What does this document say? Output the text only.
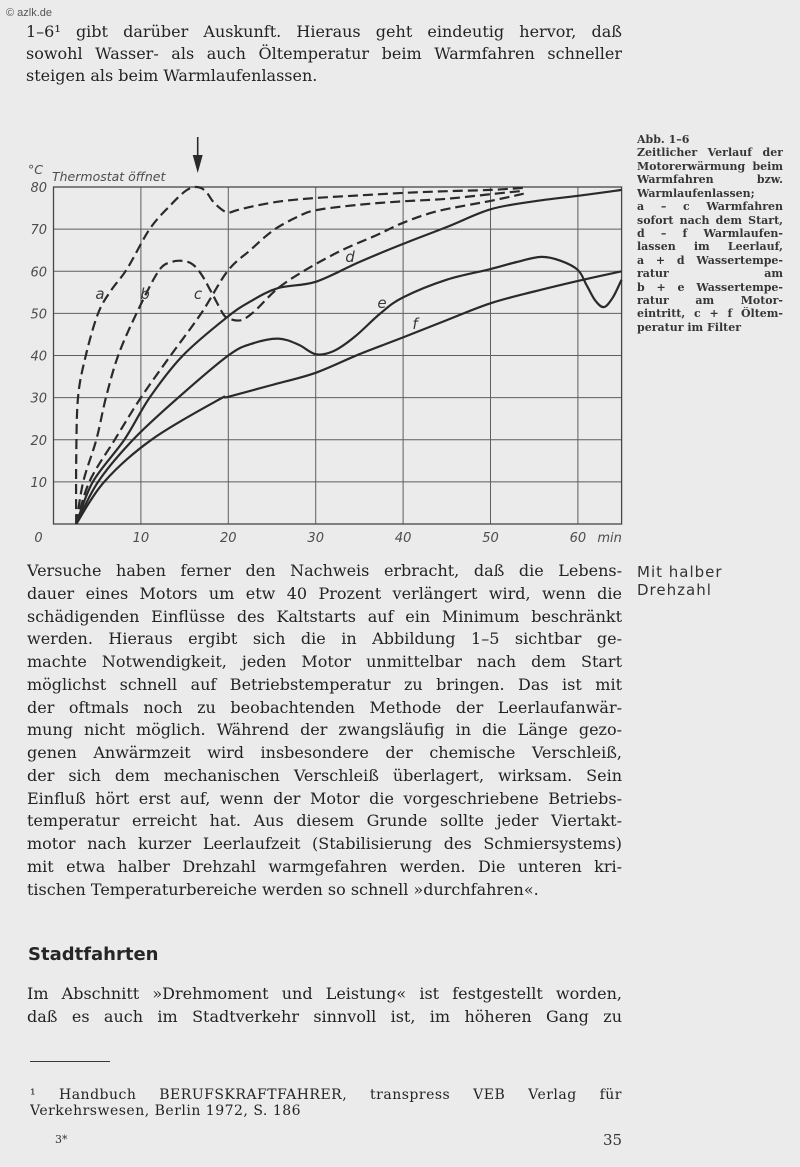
© azlk.de
1–6¹ gibt darüber Auskunft. Hieraus geht eindeutig hervor, daß
sowohl Wasser- als auch Öltemperatur beim Warmfahren schneller
steigen als beim Warmlaufenlassen.
10
20
30
40
50
60
70
80
0	10	20	30	40	50	60 min
°C Thermostat öffnet
a b	c
d
e
f
Abb. 1–6
Zeitlicher Verlauf der
Motorerwärmung beim
Warmfahren bzw.
Warmlaufenlassen;
a – c Warmfahren
sofort nach dem Start,
d – f Warmlaufen-
lassen im Leerlauf,
a + d Wassertempe-
ratur am
b + e Wassertempe-
ratur am Motor-
eintritt, c + f Öltem-
peratur im Filter
Mit halber
Drehzahl
Versuche haben ferner den Nachweis erbracht, daß die Lebens-
dauer eines Motors um etw 40 Prozent verlängert wird, wenn die
schädigenden Einflüsse des Kaltstarts auf ein Minimum beschränkt
werden. Hieraus ergibt sich die in Abbildung 1–5 sichtbar ge-
machte Notwendigkeit, jeden Motor unmittelbar nach dem Start
möglichst schnell auf Betriebstemperatur zu bringen. Das ist mit
der oftmals noch zu beobachtenden Methode der Leerlaufanwär-
mung nicht möglich. Während der zwangsläufig in die Länge gezo-
genen Anwärmzeit wird insbesondere der chemische Verschleiß,
der sich dem mechanischen Verschleiß überlagert, wirksam. Sein
Einfluß hört erst auf, wenn der Motor die vorgeschriebene Betriebs-
temperatur erreicht hat. Aus diesem Grunde sollte jeder Viertakt-
motor nach kurzer Leerlaufzeit (Stabilisierung des Schmiersystems)
mit etwa halber Drehzahl warmgefahren werden. Die unteren kri-
tischen Temperaturbereiche werden so schnell »durchfahren«.
Stadtfahrten
Im Abschnitt »Drehmoment und Leistung« ist festgestellt worden,
daß es auch im Stadtverkehr sinnvoll ist, im höheren Gang zu
¹ Handbuch BERUFSKRAFTFAHRER, transpress VEB Verlag für
Verkehrswesen, Berlin 1972, S. 186
3*	35
